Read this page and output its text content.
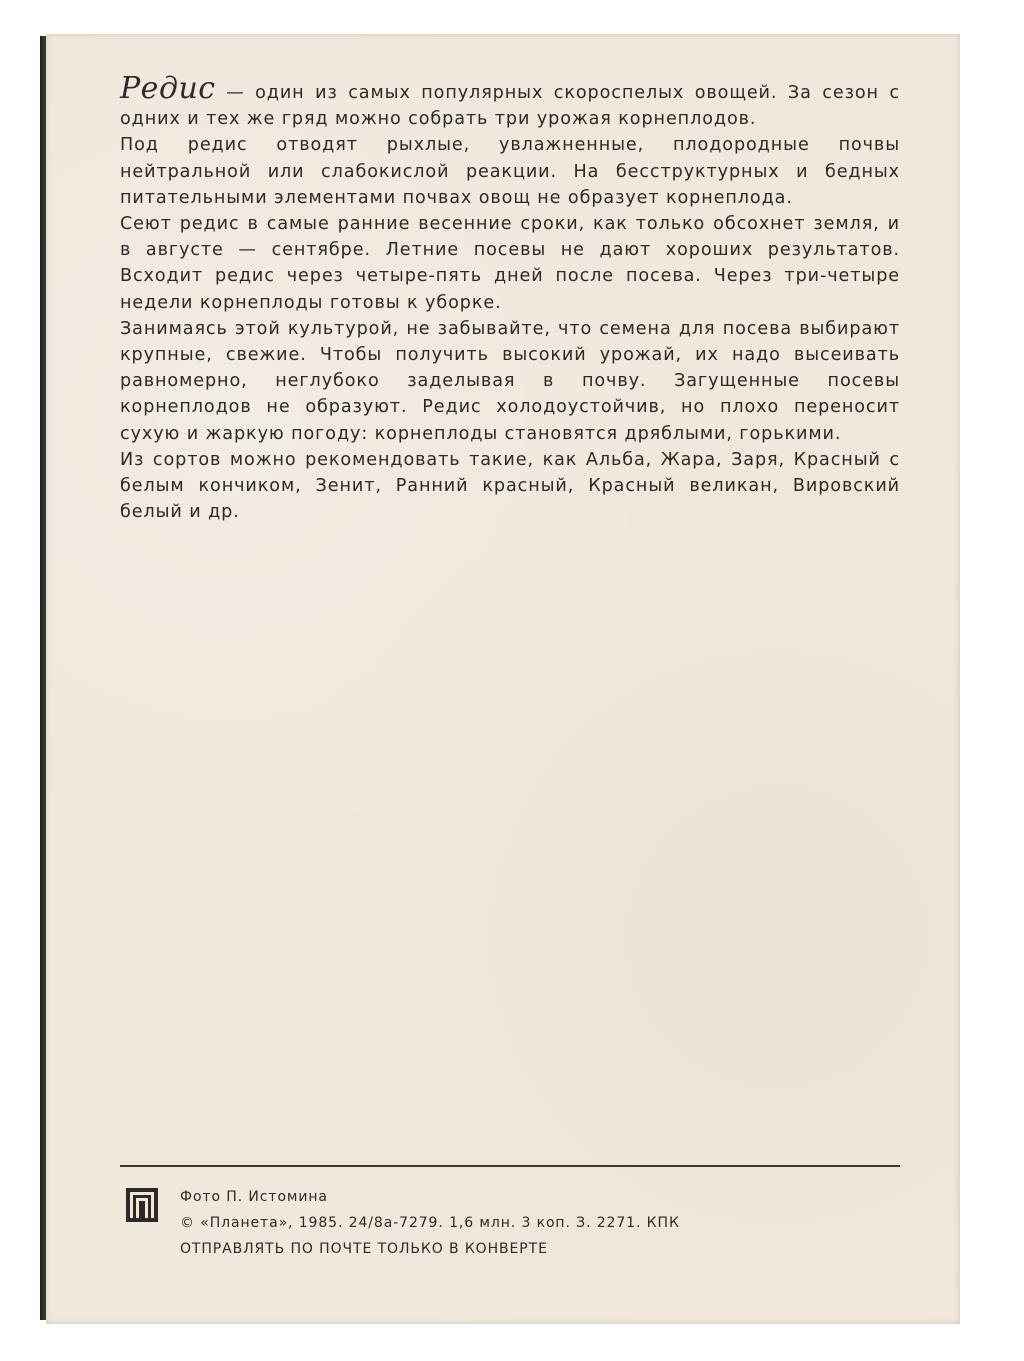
Редис — один из самых популярных скороспелых овощей. За сезон с одних и тех же гряд можно собрать три урожая корнеплодов.

Под редис отводят рыхлые, увлажненные, плодородные почвы нейтральной или слабокислой реакции. На бесструктурных и бедных питательными элементами почвах овощ не образует корнеплода.

Сеют редис в самые ранние весенние сроки, как только обсохнет земля, и в августе — сентябре. Летние посевы не дают хороших результатов. Всходит редис через четыре-пять дней после посева. Через три-четыре недели корнеплоды готовы к уборке.

Занимаясь этой культурой, не забывайте, что семена для посева выбирают крупные, свежие. Чтобы получить высокий урожай, их надо высеивать равномерно, неглубоко заделывая в почву. Загущенные посевы корнеплодов не образуют. Редис холодоустойчив, но плохо переносит сухую и жаркую погоду: корнеплоды становятся дряблыми, горькими.

Из сортов можно рекомендовать такие, как Альба, Жара, Заря, Красный с белым кончиком, Зенит, Ранний красный, Красный великан, Вировский белый и др.

Фото П. Истомина
© «Планета», 1985. 24/8а-7279. 1,6 млн. 3 коп. З. 2271. КПК
ОТПРАВЛЯТЬ ПО ПОЧТЕ ТОЛЬКО В КОНВЕРТЕ
